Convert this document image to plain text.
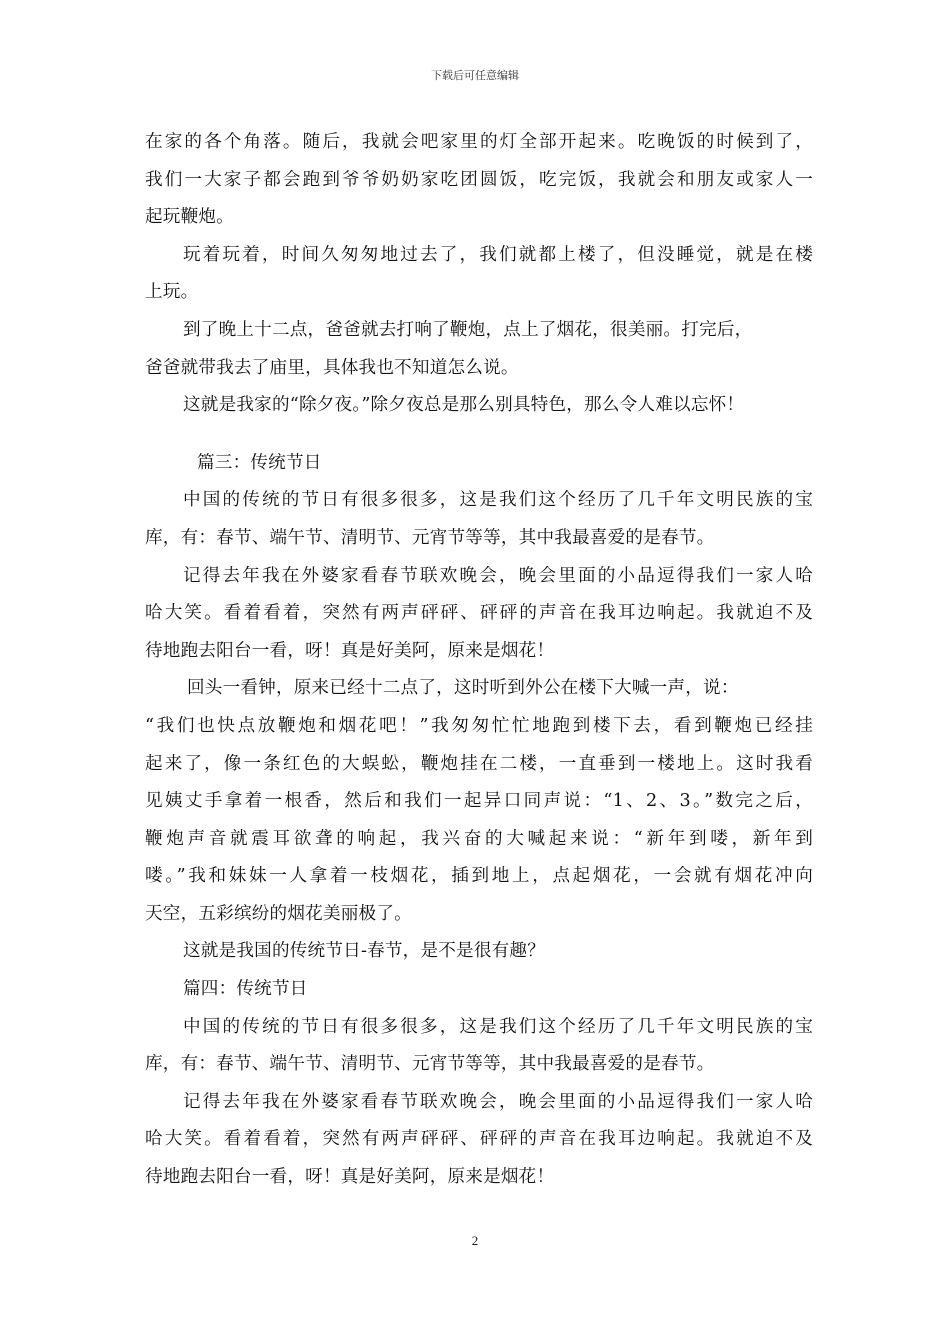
下载后可任意编辑
在家的各个角落。随后，我就会吧家里的灯全部开起来。吃晚饭的时候到了，
我们一大家子都会跑到爷爷奶奶家吃团圆饭，吃完饭，我就会和朋友或家人一
起玩鞭炮。
玩着玩着，时间久匆匆地过去了，我们就都上楼了，但没睡觉，就是在楼
上玩。
到了晚上十二点，爸爸就去打响了鞭炮，点上了烟花，很美丽。打完后，
爸爸就带我去了庙里，具体我也不知道怎么说。
这就是我家的“除夕夜。”除夕夜总是那么别具特色，那么令人难以忘怀！
篇三：传统节日
中国的传统的节日有很多很多，这是我们这个经历了几千年文明民族的宝
库，有：春节、端午节、清明节、元宵节等等，其中我最喜爱的是春节。
记得去年我在外婆家看春节联欢晚会，晚会里面的小品逗得我们一家人哈
哈大笑。看着看着，突然有两声砰砰、砰砰的声音在我耳边响起。我就迫不及
待地跑去阳台一看，呀！真是好美阿，原来是烟花！
回头一看钟，原来已经十二点了，这时听到外公在楼下大喊一声，说：
“我们也快点放鞭炮和烟花吧！”我匆匆忙忙地跑到楼下去，看到鞭炮已经挂
起来了，像一条红色的大蜈蚣，鞭炮挂在二楼，一直垂到一楼地上。这时我看
见姨丈手拿着一根香，然后和我们一起异口同声说：“1、2、3。”数完之后，
鞭炮声音就震耳欲聋的响起，我兴奋的大喊起来说：“新年到喽，新年到
喽。”我和妹妹一人拿着一枝烟花，插到地上，点起烟花，一会就有烟花冲向
天空，五彩缤纷的烟花美丽极了。
这就是我国的传统节日-春节，是不是很有趣？
篇四：传统节日
中国的传统的节日有很多很多，这是我们这个经历了几千年文明民族的宝
库，有：春节、端午节、清明节、元宵节等等，其中我最喜爱的是春节。
记得去年我在外婆家看春节联欢晚会，晚会里面的小品逗得我们一家人哈
哈大笑。看着看着，突然有两声砰砰、砰砰的声音在我耳边响起。我就迫不及
待地跑去阳台一看，呀！真是好美阿，原来是烟花！
2
